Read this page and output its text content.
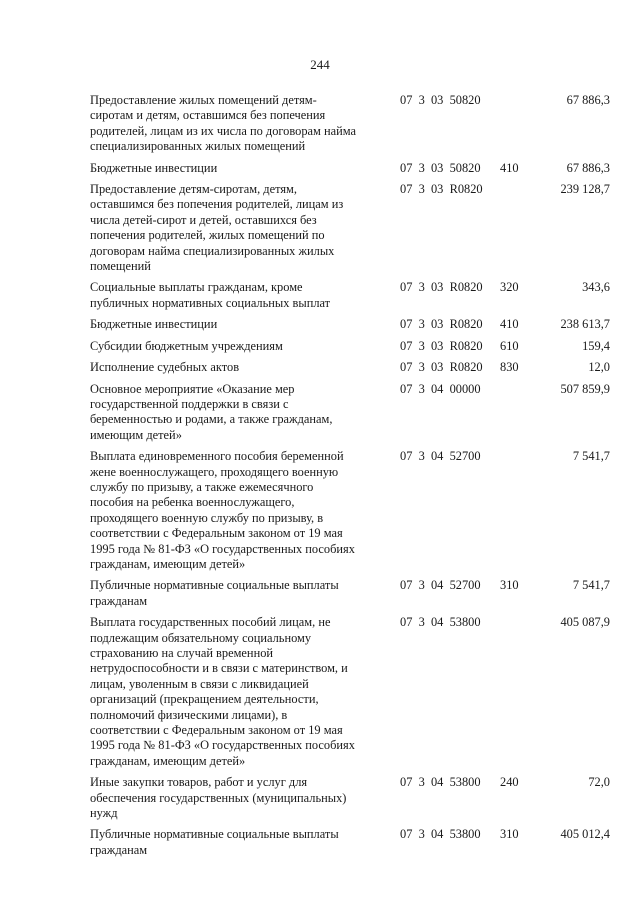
244
Предоставление жилых помещений детям-сиротам и детям, оставшимся без попечения родителей, лицам из их числа по договорам найма специализированных жилых помещений
07  3  03  50820	67 886,3
Бюджетные инвестиции	07  3  03  50820 410	67 886,3
Предоставление детям-сиротам, детям, оставшимся без попечения родителей, лицам из числа детей-сирот и детей, оставшихся без попечения родителей, жилых помещений по договорам найма специализированных жилых помещений
07  3  03  R0820	239 128,7
Социальные выплаты гражданам, кроме публичных нормативных социальных выплат
07  3  03  R0820 320	343,6
Бюджетные инвестиции	07  3  03  R0820 410	238 613,7
Субсидии бюджетным учреждениям	07  3  03  R0820 610	159,4
Исполнение судебных актов	07  3  03  R0820 830	12,0
Основное мероприятие «Оказание мер государственной поддержки в связи с беременностью и родами, а также гражданам, имеющим детей»
07  3  04  00000	507 859,9
Выплата единовременного пособия беременной жене военнослужащего, проходящего военную службу по призыву, а также ежемесячного пособия на ребенка военнослужащего, проходящего военную службу по призыву, в соответствии с Федеральным законом от 19 мая 1995 года № 81-ФЗ «О государственных пособиях гражданам, имеющим детей»
07  3  04  52700	7 541,7
Публичные нормативные социальные выплаты гражданам
07  3  04  52700 310	7 541,7
Выплата государственных пособий лицам, не подлежащим обязательному социальному страхованию на случай временной нетрудоспособности и в связи с материнством, и лицам, уволенным в связи с ликвидацией организаций (прекращением деятельности, полномочий физическими лицами), в соответствии с Федеральным законом от 19 мая 1995 года № 81-ФЗ «О государственных пособиях гражданам, имеющим детей»
07  3  04  53800	405 087,9
Иные закупки товаров, работ и услуг для обеспечения государственных (муниципальных) нужд
07  3  04  53800 240	72,0
Публичные нормативные социальные выплаты гражданам
07  3  04  53800 310	405 012,4
